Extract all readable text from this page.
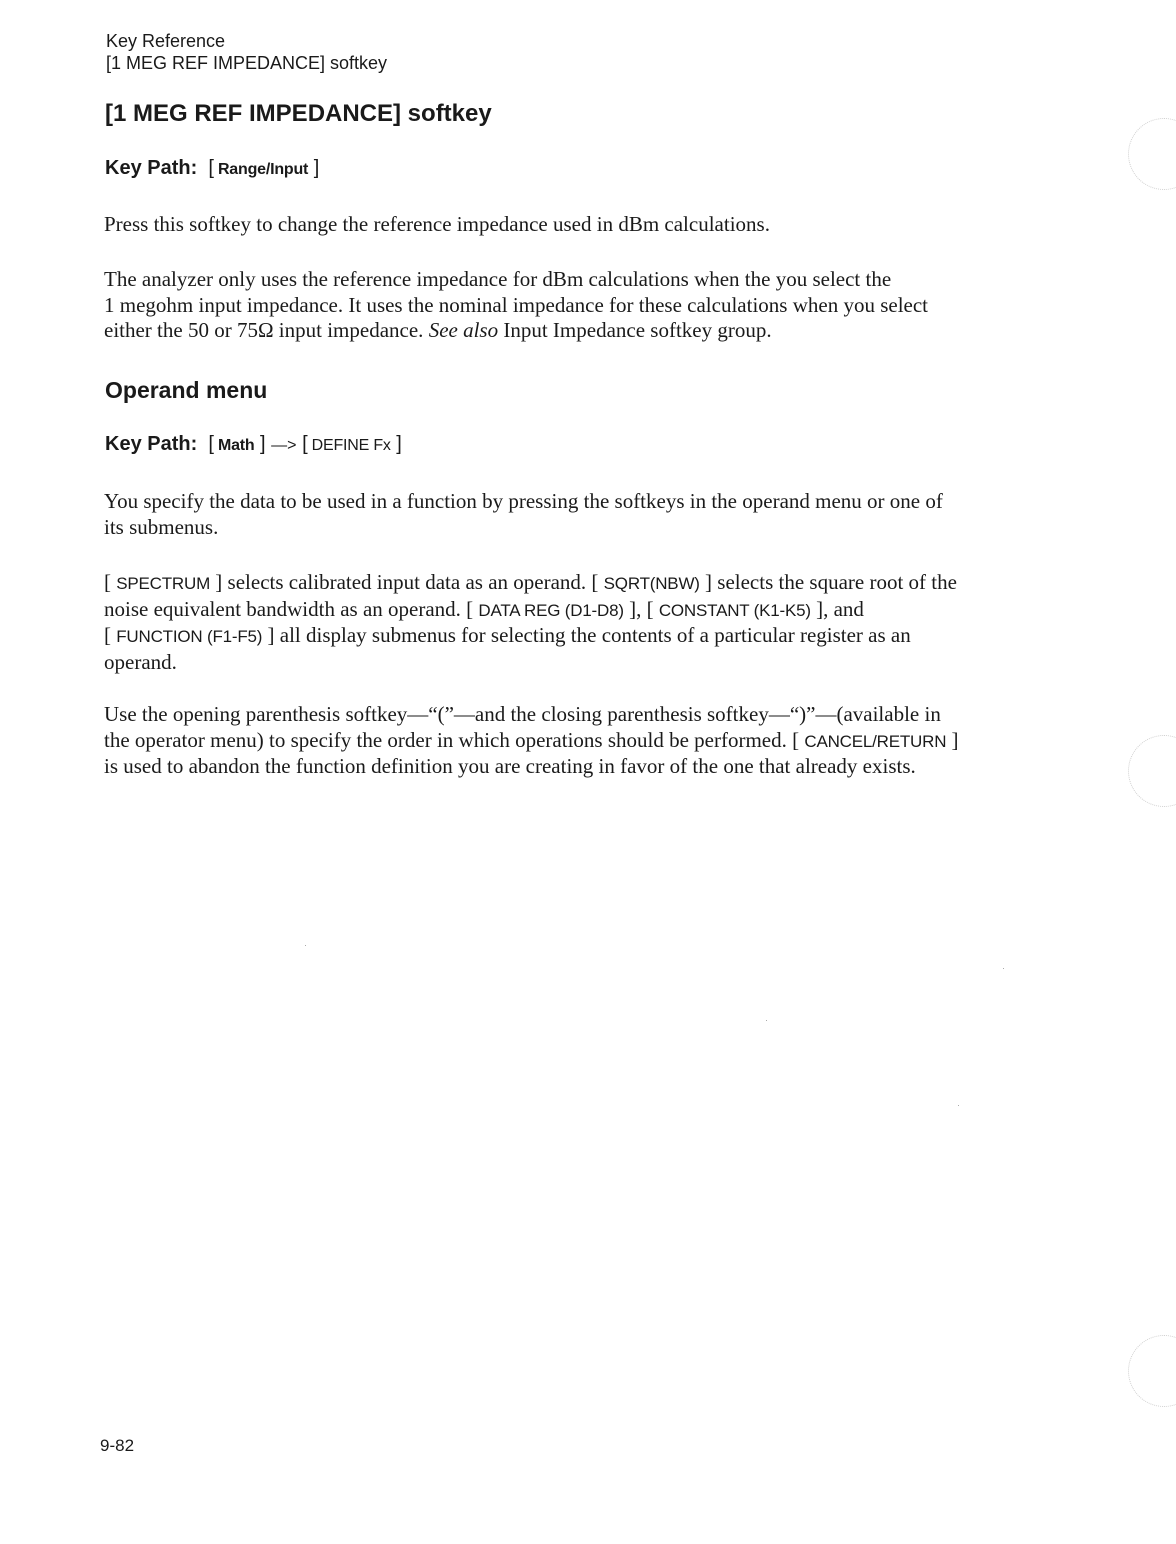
Key Reference
[1 MEG REF IMPEDANCE] softkey
[1 MEG REF IMPEDANCE] softkey
Key Path:  [ Range/Input ]

Press this softkey to change the reference impedance used in dBm calculations.

The analyzer only uses the reference impedance for dBm calculations when the you select the
1 megohm input impedance. It uses the nominal impedance for these calculations when you select
either the 50 or 75Ω input impedance. See also Input Impedance softkey group.

Operand menu
Key Path:  [ Math ] —> [ DEFINE Fx ]

You specify the data to be used in a function by pressing the softkeys in the operand menu or one of
its submenus.

[ SPECTRUM ] selects calibrated input data as an operand. [ SQRT(NBW) ] selects the square root of the
noise equivalent bandwidth as an operand. [ DATA REG (D1-D8) ], [ CONSTANT (K1-K5) ], and
[ FUNCTION (F1-F5) ] all display submenus for selecting the contents of a particular register as an
operand.

Use the opening parenthesis softkey—“(”—and the closing parenthesis softkey—“)”—(available in
the operator menu) to specify the order in which operations should be performed. [ CANCEL/RETURN ]
is used to abandon the function definition you are creating in favor of the one that already exists.

9-82
